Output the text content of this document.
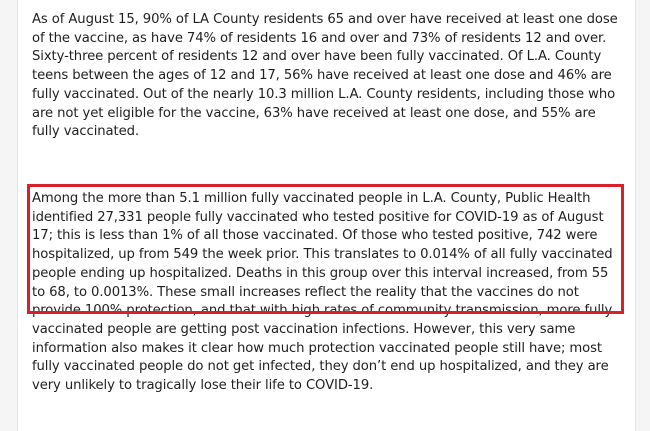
As of August 15, 90% of LA County residents 65 and over have received at least one dose
of the vaccine, as have 74% of residents 16 and over and 73% of residents 12 and over.
Sixty-three percent of residents 12 and over have been fully vaccinated. Of L.A. County
teens between the ages of 12 and 17, 56% have received at least one dose and 46% are
fully vaccinated. Out of the nearly 10.3 million L.A. County residents, including those who
are not yet eligible for the vaccine, 63% have received at least one dose, and 55% are
fully vaccinated.

Among the more than 5.1 million fully vaccinated people in L.A. County, Public Health
identified 27,331 people fully vaccinated who tested positive for COVID-19 as of August
17; this is less than 1% of all those vaccinated. Of those who tested positive, 742 were
hospitalized, up from 549 the week prior. This translates to 0.014% of all fully vaccinated
people ending up hospitalized. Deaths in this group over this interval increased, from 55
to 68, to 0.0013%. These small increases reflect the reality that the vaccines do not
provide 100% protection, and that with high rates of community transmission, more fully
vaccinated people are getting post vaccination infections. However, this very same
information also makes it clear how much protection vaccinated people still have; most
fully vaccinated people do not get infected, they don’t end up hospitalized, and they are
very unlikely to tragically lose their life to COVID-19.
